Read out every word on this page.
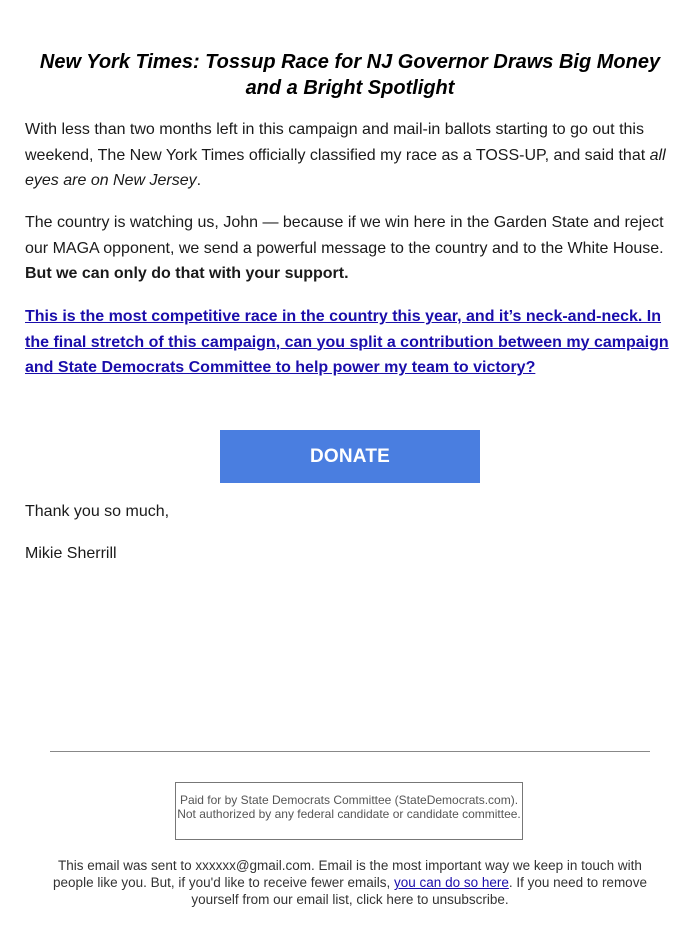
New York Times: Tossup Race for NJ Governor Draws Big Money and a Bright Spotlight

With less than two months left in this campaign and mail-in ballots starting to go out this weekend, The New York Times officially classified my race as a TOSS-UP, and said that all eyes are on New Jersey.

The country is watching us, John — because if we win here in the Garden State and reject our MAGA opponent, we send a powerful message to the country and to the White House. But we can only do that with your support.

This is the most competitive race in the country this year, and it’s neck-and-neck. In the final stretch of this campaign, can you split a contribution between my campaign and State Democrats Committee to help power my team to victory?

DONATE

Thank you so much,

Mikie Sherrill

Paid for by State Democrats Committee (StateDemocrats.com). Not authorized by any federal candidate or candidate committee.

This email was sent to xxxxxx@gmail.com. Email is the most important way we keep in touch with people like you. But, if you'd like to receive fewer emails, you can do so here. If you need to remove yourself from our email list, click here to unsubscribe.
